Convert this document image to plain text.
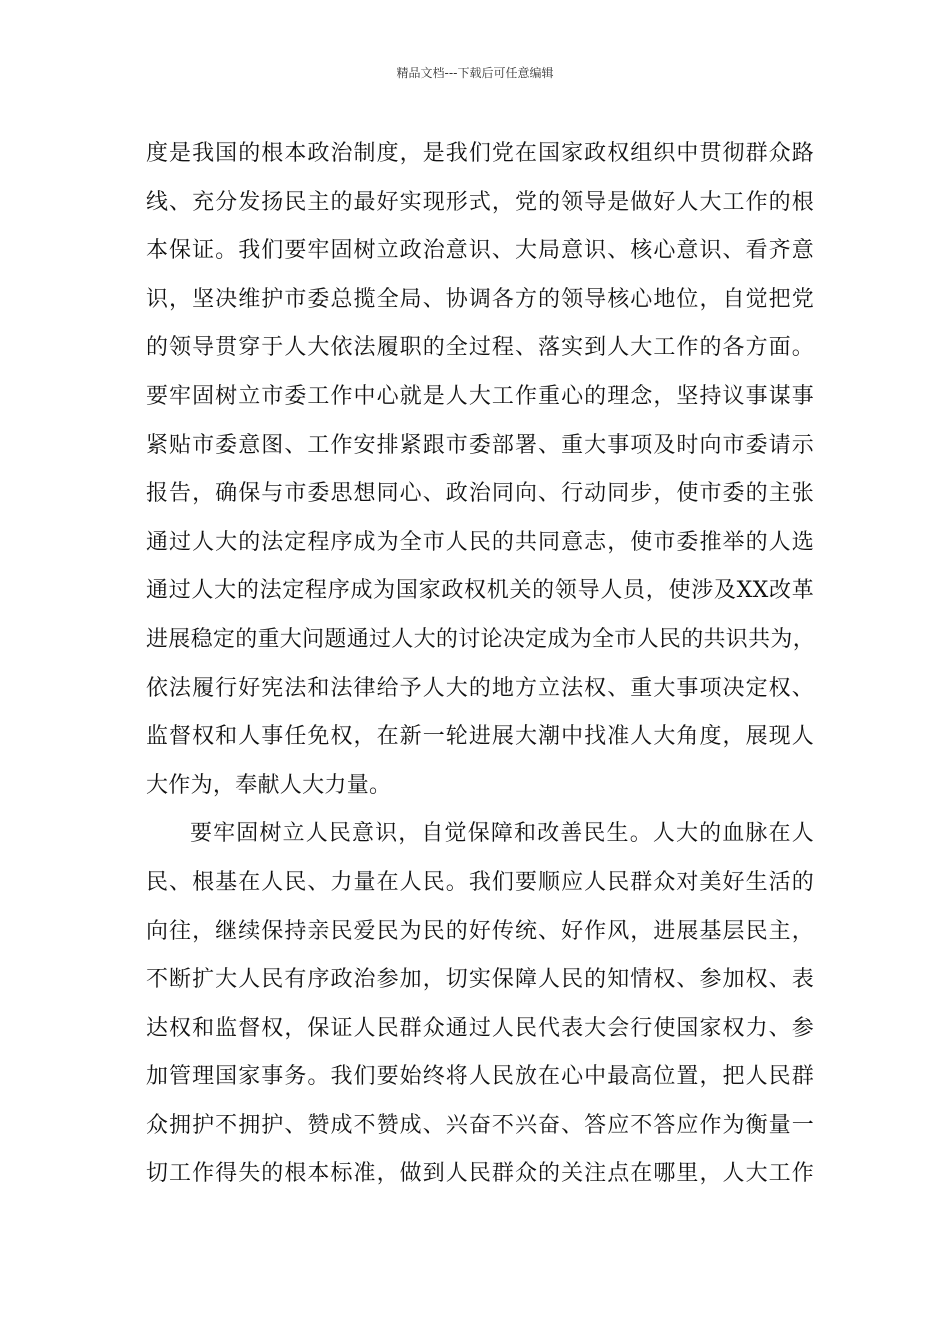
精品文档---下载后可任意编辑
度是我国的根本政治制度，是我们党在国家政权组织中贯彻群众路
线、充分发扬民主的最好实现形式，党的领导是做好人大工作的根
本保证。我们要牢固树立政治意识、大局意识、核心意识、看齐意
识，坚决维护市委总揽全局、协调各方的领导核心地位，自觉把党
的领导贯穿于人大依法履职的全过程、落实到人大工作的各方面。
要牢固树立市委工作中心就是人大工作重心的理念，坚持议事谋事
紧贴市委意图、工作安排紧跟市委部署、重大事项及时向市委请示
报告，确保与市委思想同心、政治同向、行动同步，使市委的主张
通过人大的法定程序成为全市人民的共同意志，使市委推举的人选
通过人大的法定程序成为国家政权机关的领导人员，使涉及XX改革
进展稳定的重大问题通过人大的讨论决定成为全市人民的共识共为，
依法履行好宪法和法律给予人大的地方立法权、重大事项决定权、
监督权和人事任免权，在新一轮进展大潮中找准人大角度，展现人
大作为，奉献人大力量。
要牢固树立人民意识，自觉保障和改善民生。人大的血脉在人
民、根基在人民、力量在人民。我们要顺应人民群众对美好生活的
向往，继续保持亲民爱民为民的好传统、好作风，进展基层民主，
不断扩大人民有序政治参加，切实保障人民的知情权、参加权、表
达权和监督权，保证人民群众通过人民代表大会行使国家权力、参
加管理国家事务。我们要始终将人民放在心中最高位置，把人民群
众拥护不拥护、赞成不赞成、兴奋不兴奋、答应不答应作为衡量一
切工作得失的根本标准，做到人民群众的关注点在哪里，人大工作
